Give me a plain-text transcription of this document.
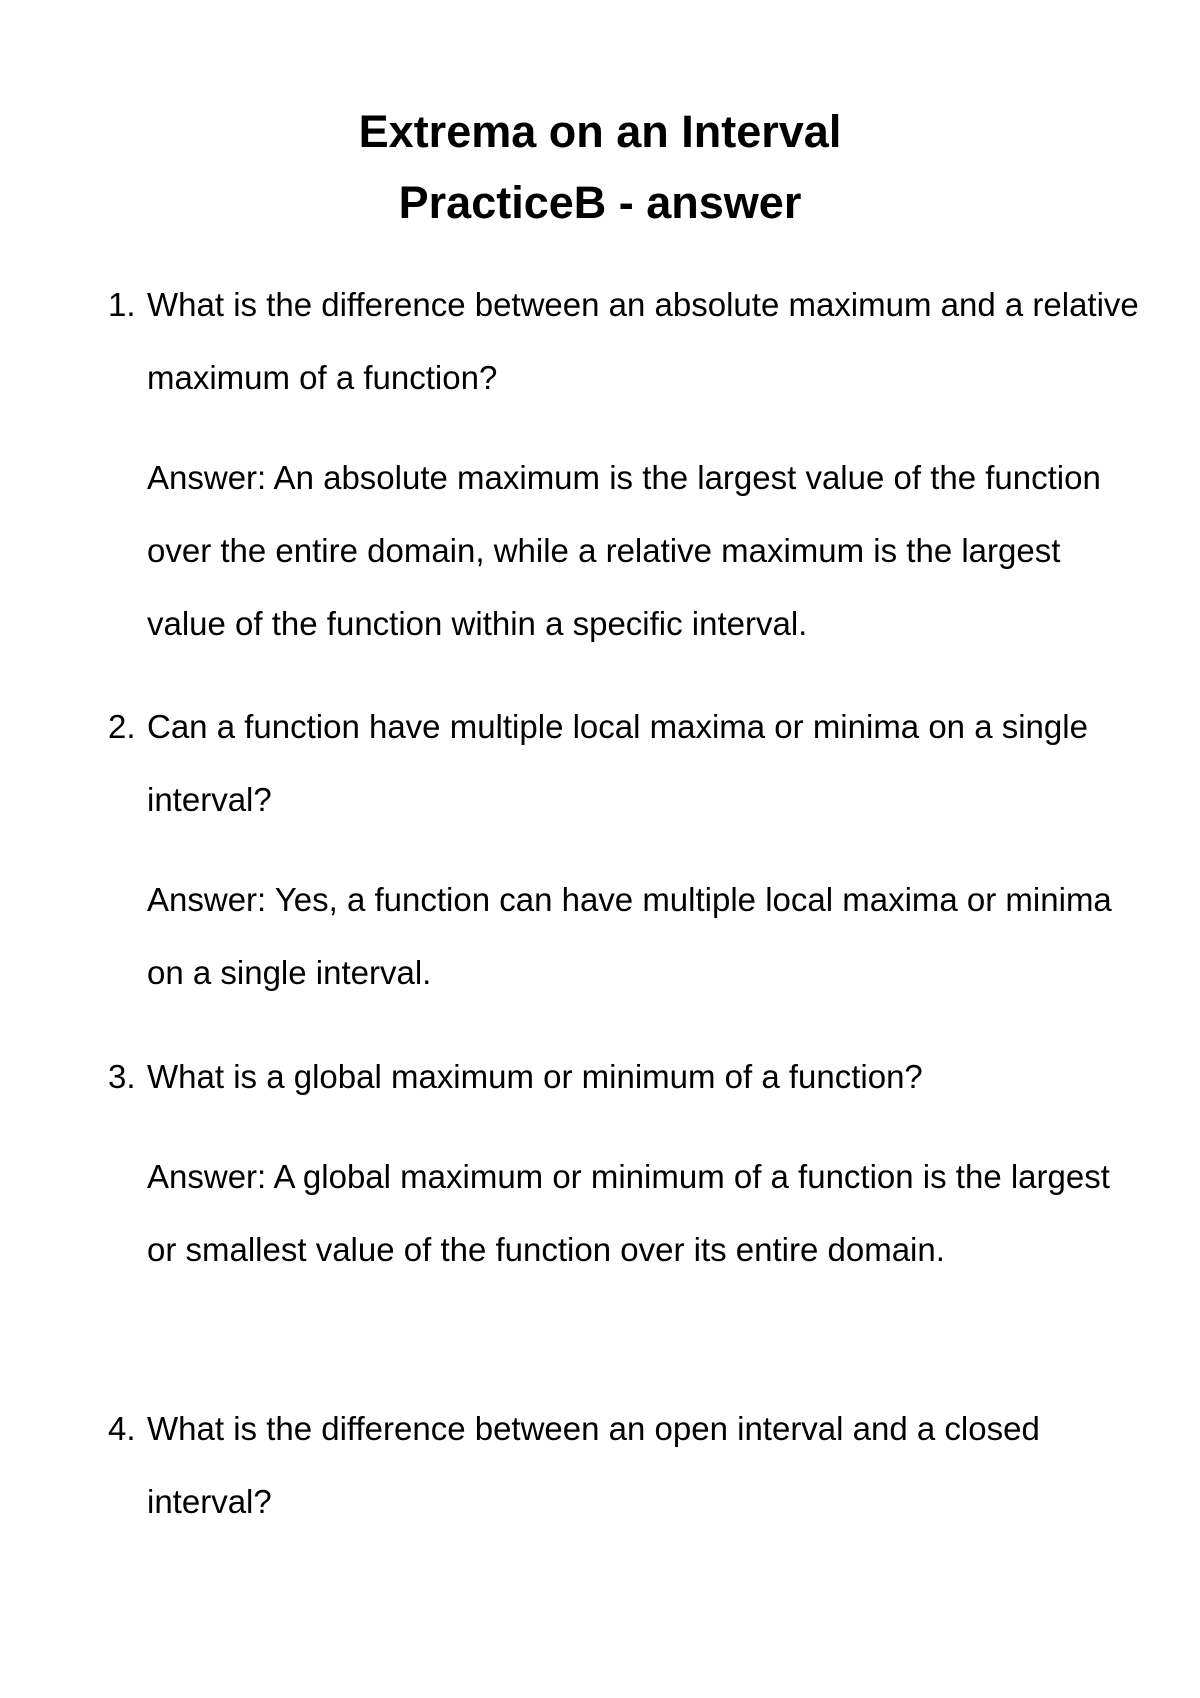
Extrema on an Interval
PracticeB - answer
1. What is the difference between an absolute maximum and a relative maximum of a function?

Answer: An absolute maximum is the largest value of the function over the entire domain, while a relative maximum is the largest value of the function within a specific interval.

2. Can a function have multiple local maxima or minima on a single interval?

Answer: Yes, a function can have multiple local maxima or minima on a single interval.

3. What is a global maximum or minimum of a function?

Answer: A global maximum or minimum of a function is the largest or smallest value of the function over its entire domain.

4. What is the difference between an open interval and a closed interval?
